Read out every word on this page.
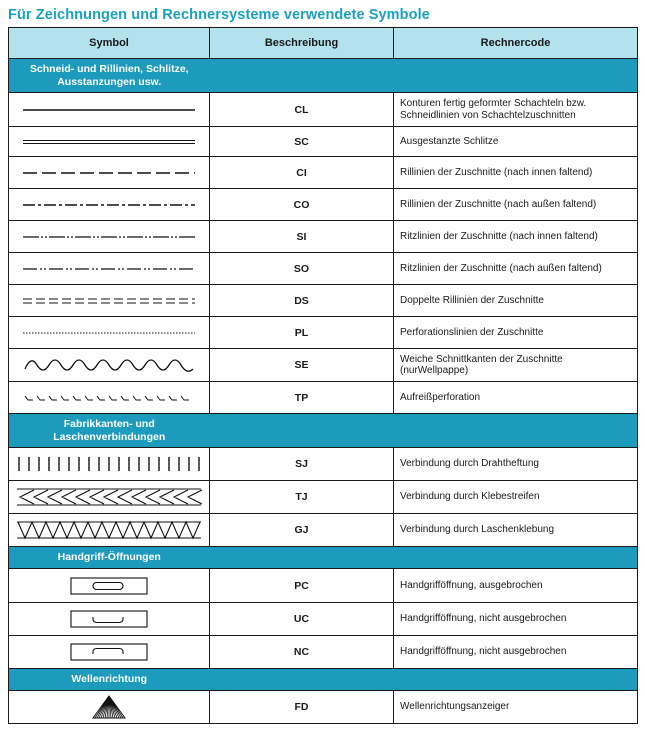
Für Zeichnungen und Rechnersysteme verwendete Symbole
Symbol	Beschreibung	Rechnercode
Schneid- und Rillinien, Schlitze, Ausstanzungen usw.		

	CL	Konturen fertig geformter Schachteln bzw. Schneidlinien von Schachtelzuschnitten

	SC	Ausgestanzte Schlitze

	CI	Rillinien der Zuschnitte (nach innen faltend)

	CO	Rillinien der Zuschnitte (nach außen faltend)

	SI	Ritzlinien der Zuschnitte (nach innen faltend)

	SO	Ritzlinien der Zuschnitte (nach außen faltend)

	DS	Doppelte Rillinien der Zuschnitte

	PL	Perforationslinien der Zuschnitte

	SE	Weiche Schnittkanten der Zuschnitte (nurWellpappe)

	TP	Aufreißperforation
Fabrikkanten- und Laschenverbindungen		

	SJ	Verbindung durch Drahtheftung

	TJ	Verbindung durch Klebestreifen

	GJ	Verbindung durch Laschenklebung
Handgriff-Öffnungen		

	PC	Handgrifföffnung, ausgebrochen

	UC	Handgrifföffnung, nicht ausgebrochen

	NC	Handgrifföffnung, nicht ausgebrochen
Wellenrichtung		

	FD	Wellenrichtungsanzeiger
